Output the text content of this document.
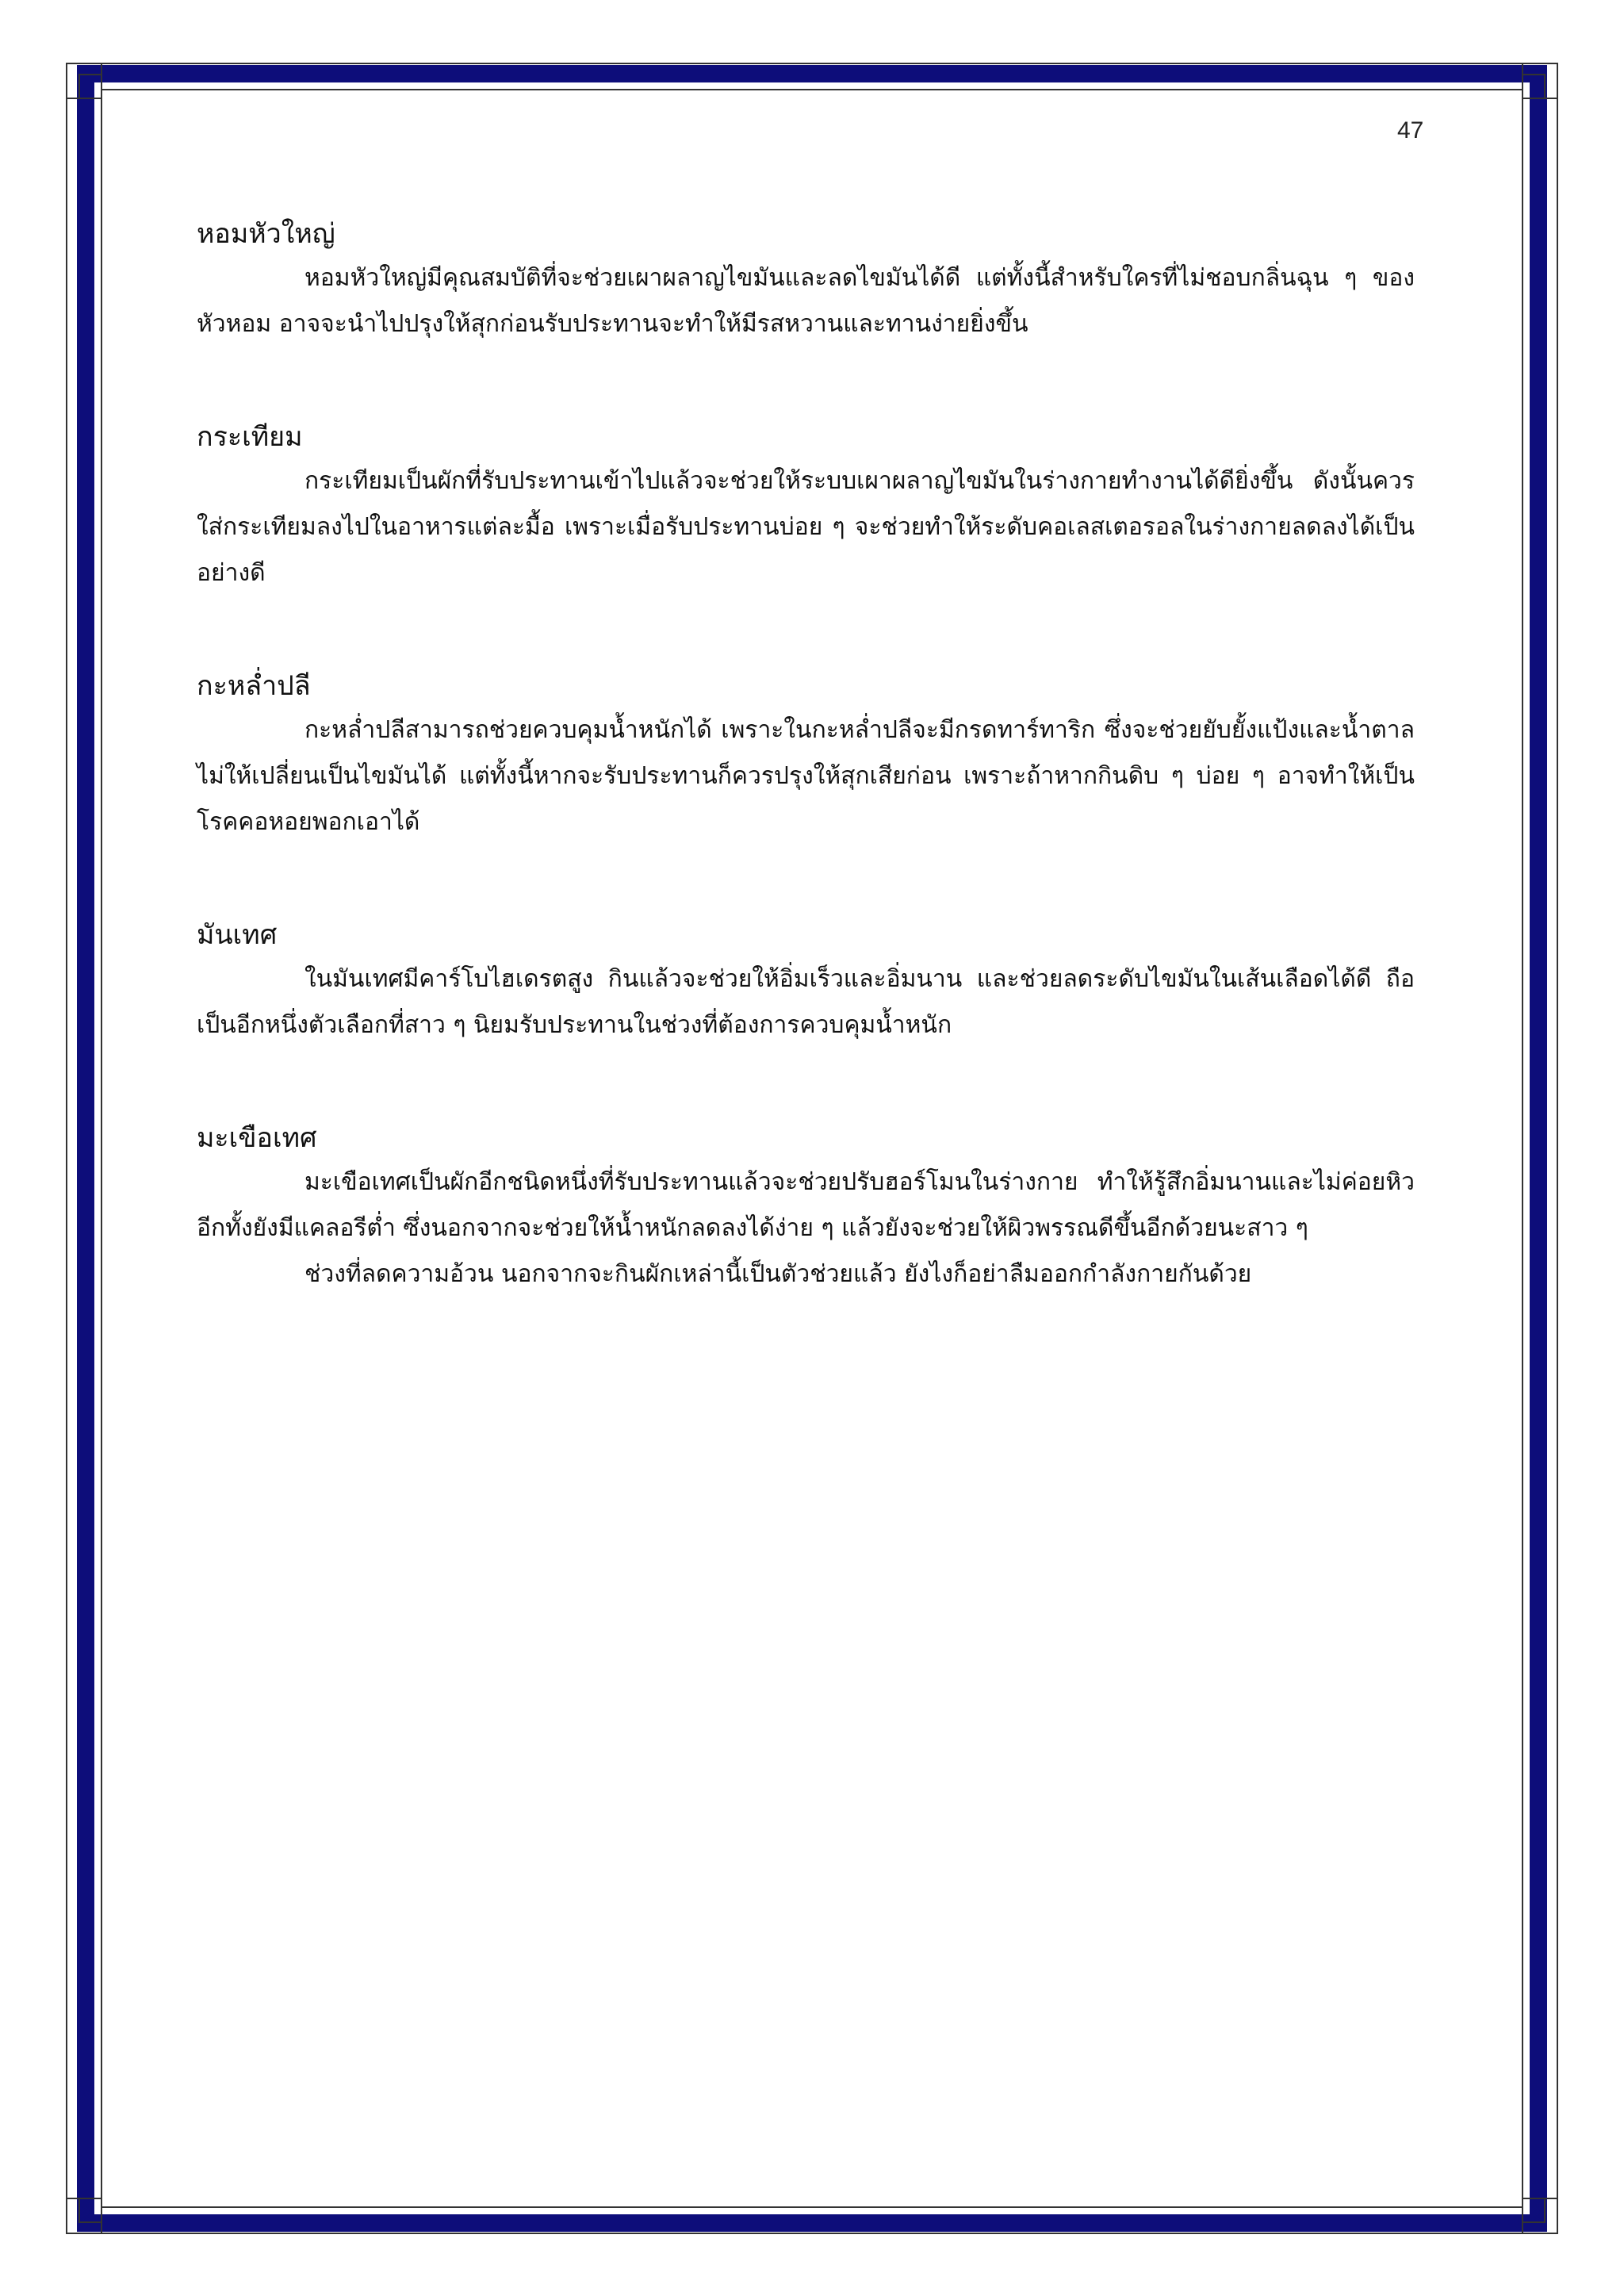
47
หอมหัวใหญ่

หอมหัวใหญ่มีคุณสมบัติที่จะช่วยเผาผลาญไขมันและลดไขมันได้ดี แต่ทั้งนี้สำหรับใครที่ไม่ชอบกลิ่นฉุน ๆ ของหัวหอม อาจจะนำไปปรุงให้สุกก่อนรับประทานจะทำให้มีรสหวานและทานง่ายยิ่งขึ้น

กระเทียม

กระเทียมเป็นผักที่รับประทานเข้าไปแล้วจะช่วยให้ระบบเผาผลาญไขมันในร่างกายทำงานได้ดียิ่งขึ้น ดังนั้นควรใส่กระเทียมลงไปในอาหารแต่ละมื้อ เพราะเมื่อรับประทานบ่อย ๆ จะช่วยทำให้ระดับคอเลสเตอรอลในร่างกายลดลงได้เป็นอย่างดี

กะหล่ำปลี

กะหล่ำปลีสามารถช่วยควบคุมน้ำหนักได้ เพราะในกะหล่ำปลีจะมีกรดทาร์ทาริก ซึ่งจะช่วยยับยั้งแป้งและน้ำตาลไม่ให้เปลี่ยนเป็นไขมันได้ แต่ทั้งนี้หากจะรับประทานก็ควรปรุงให้สุกเสียก่อน เพราะถ้าหากกินดิบ ๆ บ่อย ๆ อาจทำให้เป็นโรคคอหอยพอกเอาได้

มันเทศ

ในมันเทศมีคาร์โบไฮเดรตสูง กินแล้วจะช่วยให้อิ่มเร็วและอิ่มนาน และช่วยลดระดับไขมันในเส้นเลือดได้ดี ถือเป็นอีกหนึ่งตัวเลือกที่สาว ๆ นิยมรับประทานในช่วงที่ต้องการควบคุมน้ำหนัก

มะเขือเทศ

มะเขือเทศเป็นผักอีกชนิดหนึ่งที่รับประทานแล้วจะช่วยปรับฮอร์โมนในร่างกาย ทำให้รู้สึกอิ่มนานและไม่ค่อยหิว อีกทั้งยังมีแคลอรีต่ำ ซึ่งนอกจากจะช่วยให้น้ำหนักลดลงได้ง่าย ๆ แล้วยังจะช่วยให้ผิวพรรณดีขึ้นอีกด้วยนะสาว ๆ

ช่วงที่ลดความอ้วน นอกจากจะกินผักเหล่านี้เป็นตัวช่วยแล้ว ยังไงก็อย่าลืมออกกำลังกายกันด้วย
